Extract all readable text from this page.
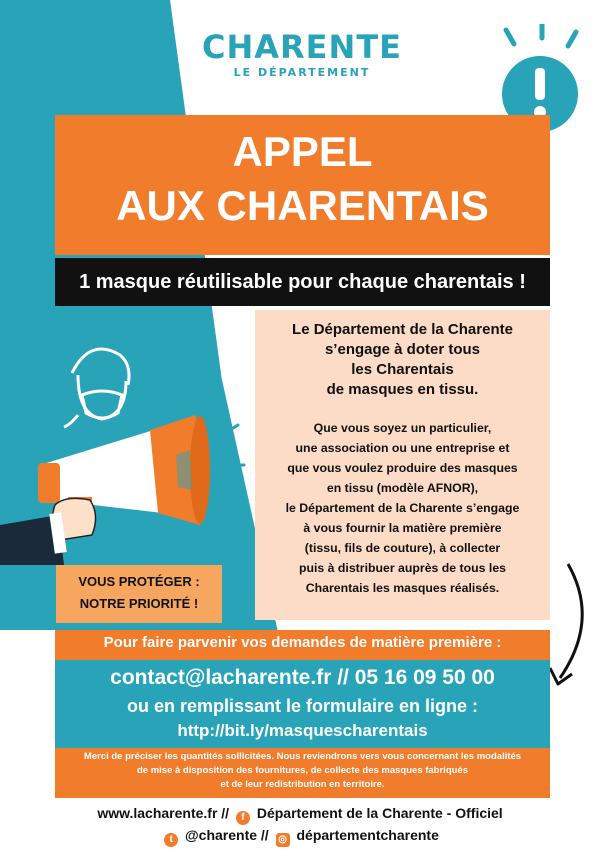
CHARENTE
LE DÉPARTEMENT
APPEL
AUX CHARENTAIS
1 masque réutilisable pour chaque charentais !
Le Département de la Charente
s’engage à doter tous
les Charentais
de masques en tissu.
Que vous soyez un particulier,
une association ou une entreprise et
que vous voulez produire des masques
en tissu (modèle AFNOR),
le Département de la Charente s’engage
à vous fournir la matière première
(tissu, fils de couture), à collecter
puis à distribuer auprès de tous les
Charentais les masques réalisés.
VOUS PROTÉGER :
NOTRE PRIORITÉ !
Pour faire parvenir vos demandes de matière première :
contact@lacharente.fr // 05 16 09 50 00
ou en remplissant le formulaire en ligne :
http://bit.ly/masquescharentais
Merci de préciser les quantités sollicitées. Nous reviendrons vers vous concernant les modalités
de mise à disposition des fournitures, de collecte des masques fabriqués
et de leur redistribution en territoire.
www.lacharente.fr // f Département de la Charente - Officiel
t @charente // ◎ départementcharente
